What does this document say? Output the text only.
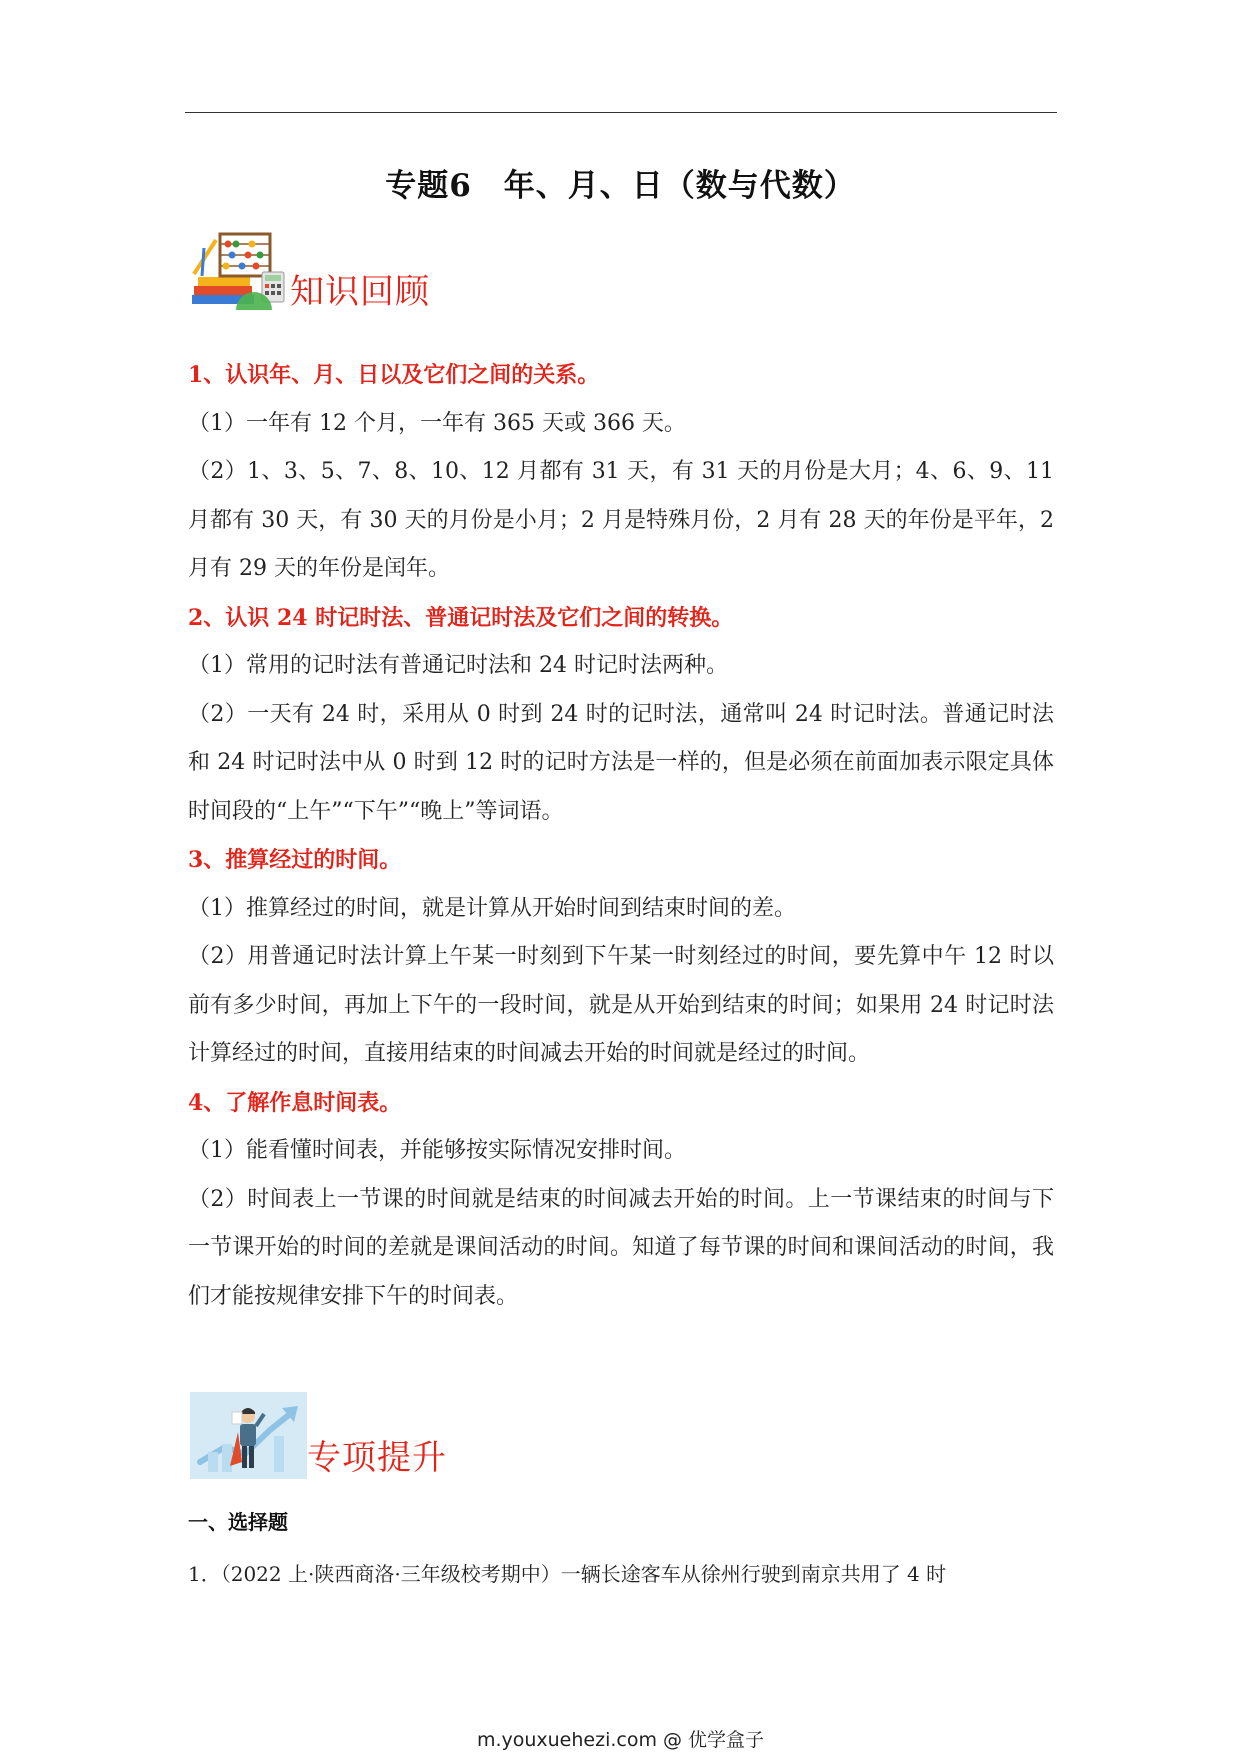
专题6　年、月、日（数与代数）
知识回顾

1、认识年、月、日以及它们之间的关系。

（1）一年有 12 个月，一年有 365 天或 366 天。

（2）1、3、5、7、8、10、12 月都有 31 天，有 31 天的月份是大月；4、6、9、11 月都有 30 天，有 30 天的月份是小月；2 月是特殊月份，2 月有 28 天的年份是平年，2 月有 29 天的年份是闰年。

2、认识 24 时记时法、普通记时法及它们之间的转换。

（1）常用的记时法有普通记时法和 24 时记时法两种。

（2）一天有 24 时，采用从 0 时到 24 时的记时法，通常叫 24 时记时法。普通记时法和 24 时记时法中从 0 时到 12 时的记时方法是一样的，但是必须在前面加表示限定具体时间段的“上午”“下午”“晚上”等词语。

3、推算经过的时间。

（1）推算经过的时间，就是计算从开始时间到结束时间的差。

（2）用普通记时法计算上午某一时刻到下午某一时刻经过的时间，要先算中午 12 时以前有多少时间，再加上下午的一段时间，就是从开始到结束的时间；如果用 24 时记时法计算经过的时间，直接用结束的时间减去开始的时间就是经过的时间。

4、了解作息时间表。

（1）能看懂时间表，并能够按实际情况安排时间。

（2）时间表上一节课的时间就是结束的时间减去开始的时间。上一节课结束的时间与下一节课开始的时间的差就是课间活动的时间。知道了每节课的时间和课间活动的时间，我们才能按规律安排下午的时间表。

专项提升
一、选择题
1．（2022 上·陕西商洛·三年级校考期中）一辆长途客车从徐州行驶到南京共用了 4 时
m.youxuehezi.com @ 优学盒子
